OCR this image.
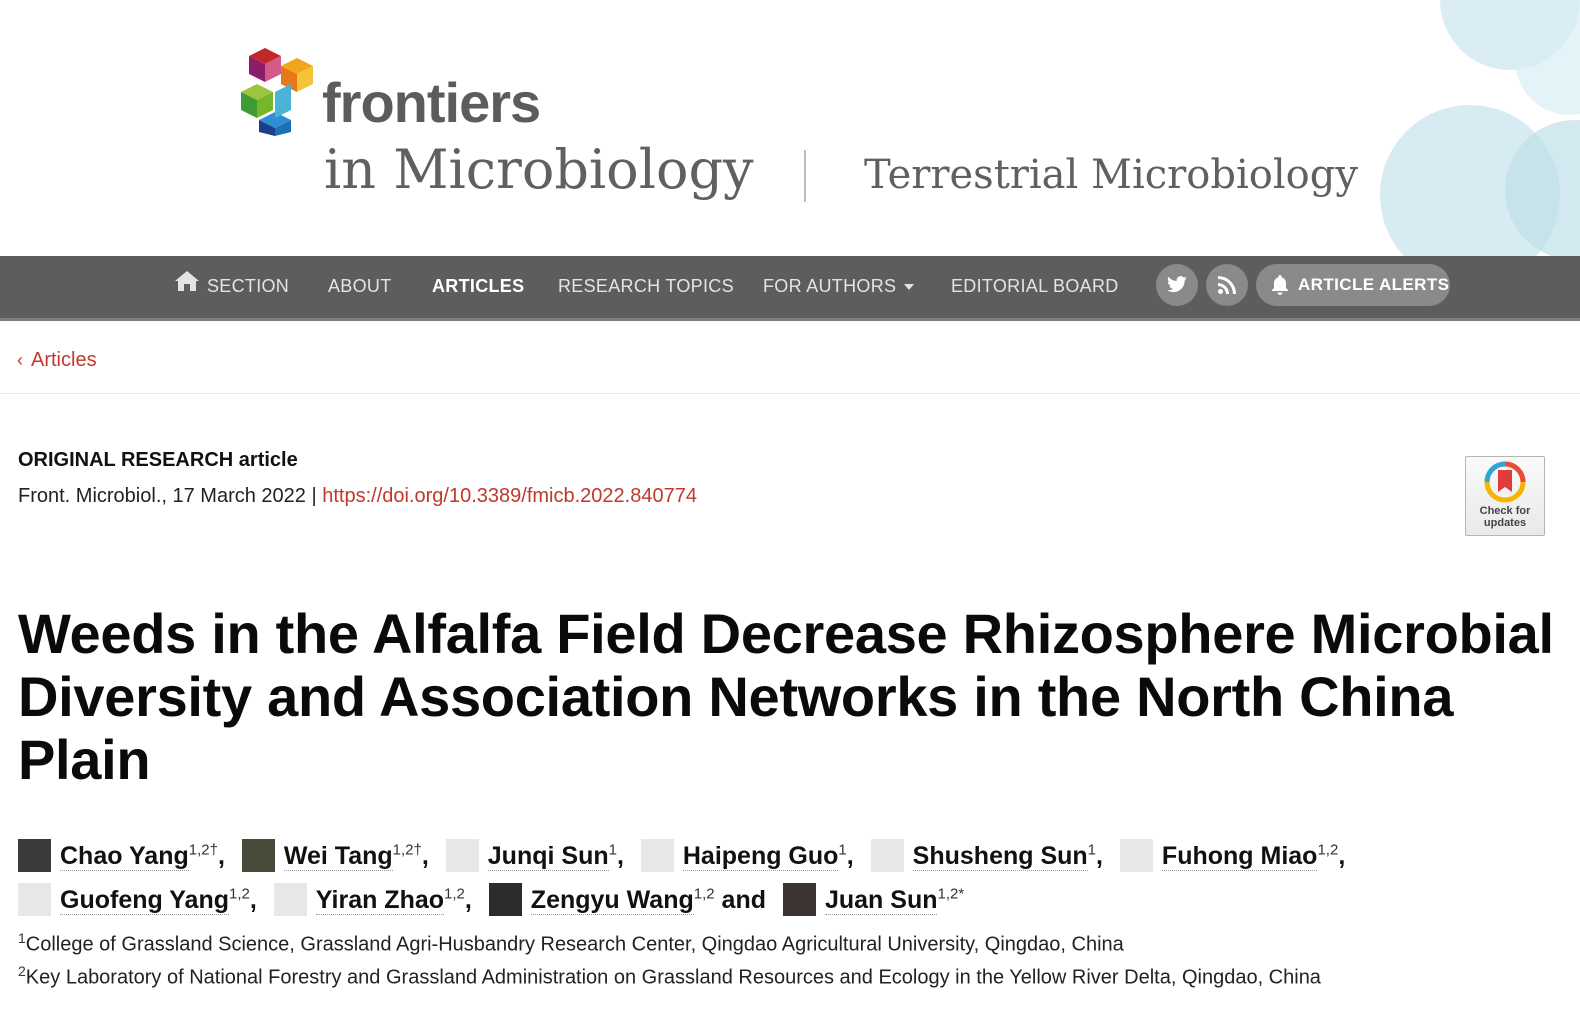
frontiers
in Microbiology	Terrestrial Microbiology
SECTION ABOUT ARTICLES RESEARCH TOPICS FOR AUTHORS	EDITORIAL BOARD	ARTICLE ALERTS
‹ Articles
ORIGINAL RESEARCH article
Front. Microbiol., 17 March 2022 | https://doi.org/10.3389/fmicb.2022.840774
Check for updates
Weeds in the Alfalfa Field Decrease Rhizosphere Microbial Diversity and Association Networks in the North China Plain
Chao Yang$^{1,2\dagger}$, Wei Tang$^{1,2\dagger}$, Junqi Sun$^1$, Haipeng Guo$^1$, Shusheng Sun$^1$, Fuhong Miao$^{1,2}$, Guofeng Yang$^{1,2}$, Yiran Zhao$^{1,2}$, Zengyu Wang$^{1,2}$ and Juan Sun$^{1,2*}$
$^1$College of Grassland Science, Grassland Agri-Husbandry Research Center, Qingdao Agricultural University, Qingdao, China
$^2$Key Laboratory of National Forestry and Grassland Administration on Grassland Resources and Ecology in the Yellow River Delta, Qingdao, China
